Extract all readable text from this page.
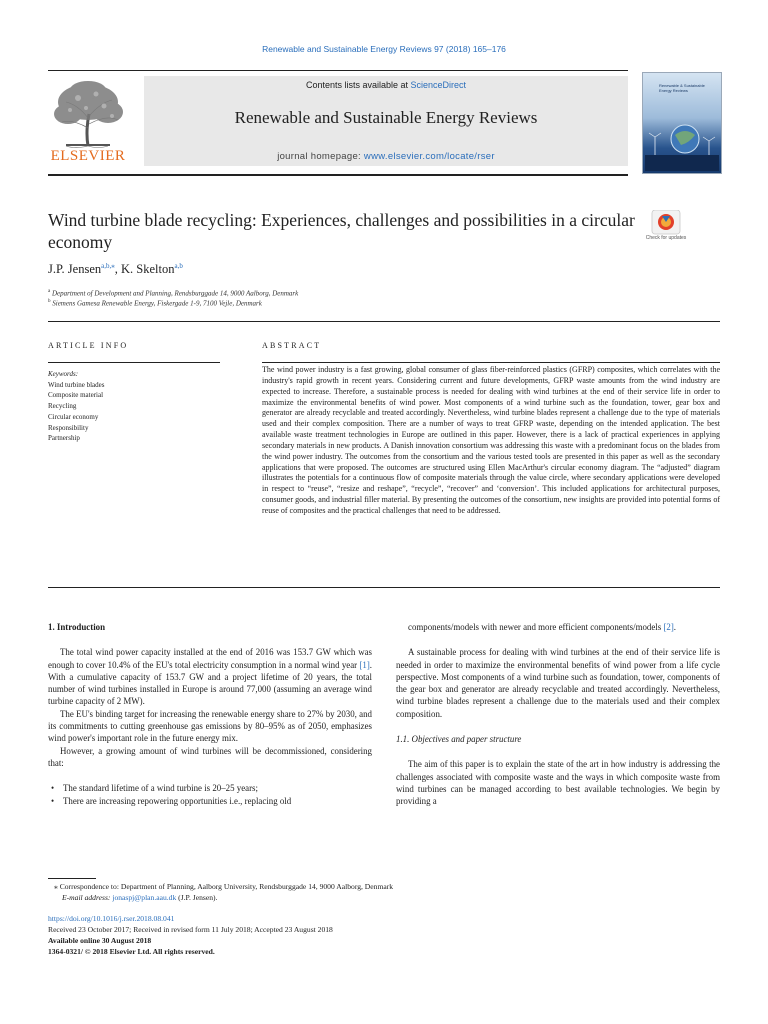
Renewable and Sustainable Energy Reviews 97 (2018) 165–176
ELSEVIER
Contents lists available at ScienceDirect
Renewable and Sustainable Energy Reviews
journal homepage: www.elsevier.com/locate/rser
Renewable & Sustainable Energy Reviews
Wind turbine blade recycling: Experiences, challenges and possibilities in a circular economy	Check for updates
J.P. Jensen$^{a,b,⁎}$, K. Skelton$^{a,b}$
$^a$ Department of Development and Planning, Rendsburggade 14, 9000 Aalborg, Denmark
$^b$ Siemens Gamesa Renewable Energy, Fiskergade 1-9, 7100 Vejle, Denmark
ARTICLE INFO	ABSTRACT
Keywords:
Wind turbine blades
Composite material
Recycling
Circular economy
Responsibility
Partnership
The wind power industry is a fast growing, global consumer of glass fiber-reinforced plastics (GFRP) composites, which correlates with the industry's rapid growth in recent years. Considering current and future developments, GFRP waste amounts from the wind industry are expected to increase. Therefore, a sustainable process is needed for dealing with wind turbines at the end of their service life in order to maximize the environmental benefits of wind power. Most components of a wind turbine such as the foundation, tower, gear box and generator are already recyclable and treated accordingly. Nevertheless, wind turbine blades represent a challenge due to the type of materials used and their complex composition. There are a number of ways to treat GFRP waste, depending on the intended application. The best available waste treatment technologies in Europe are outlined in this paper. However, there is a lack of practical experiences in applying secondary materials in new products. A Danish innovation consortium was addressing this waste with a predominant focus on the blades from the wind power industry. The outcomes from the consortium and the various tested tools are presented in this paper as well as the secondary applications that were proposed. The outcomes are structured using Ellen MacArthur's circular economy diagram. The “adjusted” diagram illustrates the potentials for a continuous flow of composite materials through the value circle, where secondary applications were developed in respect to “reuse”, “resize and reshape”, “recycle”, “recover” and ‘conversion’. This included applications for architectural purposes, consumer goods, and industrial filler material. By presenting the outcomes of the consortium, new insights are provided into potential forms of reuse of composites and the practical challenges that need to be addressed.

1. Introduction

The total wind power capacity installed at the end of 2016 was 153.7 GW which was enough to cover 10.4% of the EU's total electricity consumption in a normal wind year [1]. With a cumulative capacity of 153.7 GW and a project lifetime of 20 years, the total number of wind turbines installed in Europe is around 77,000 (assuming an average wind turbine capacity of 2 MW).

The EU's binding target for increasing the renewable energy share to 27% by 2030, and its commitments to cutting greenhouse gas emissions by 80–95% as of 2050, emphasizes wind power's important role in the future energy mix.

However, a growing amount of wind turbines will be decommissioned, considering that:

• The standard lifetime of a wind turbine is 20–25 years;

• There are increasing repowering opportunities i.e., replacing old

components/models with newer and more efficient components/models [2].

A sustainable process for dealing with wind turbines at the end of their service life is needed in order to maximize the environmental benefits of wind power from a life cycle perspective. Most components of a wind turbine such as foundation, tower, components of the gear box and generator are already recyclable and treated accordingly. Nevertheless, wind turbine blades represent a challenge due to the materials used and their complex composition.

1.1. Objectives and paper structure

The aim of this paper is to explain the state of the art in how industry is addressing the challenges associated with composite waste and the ways in which composite waste from wind turbines can be managed according to best available technologies. We begin by providing a

⁎ Correspondence to: Department of Planning, Aalborg University, Rendsburggade 14, 9000 Aalborg, Denmark
E-mail address: jonaspj@plan.aau.dk (J.P. Jensen).
https://doi.org/10.1016/j.rser.2018.08.041
Received 23 October 2017; Received in revised form 11 July 2018; Accepted 23 August 2018
Available online 30 August 2018
1364-0321/ © 2018 Elsevier Ltd. All rights reserved.
